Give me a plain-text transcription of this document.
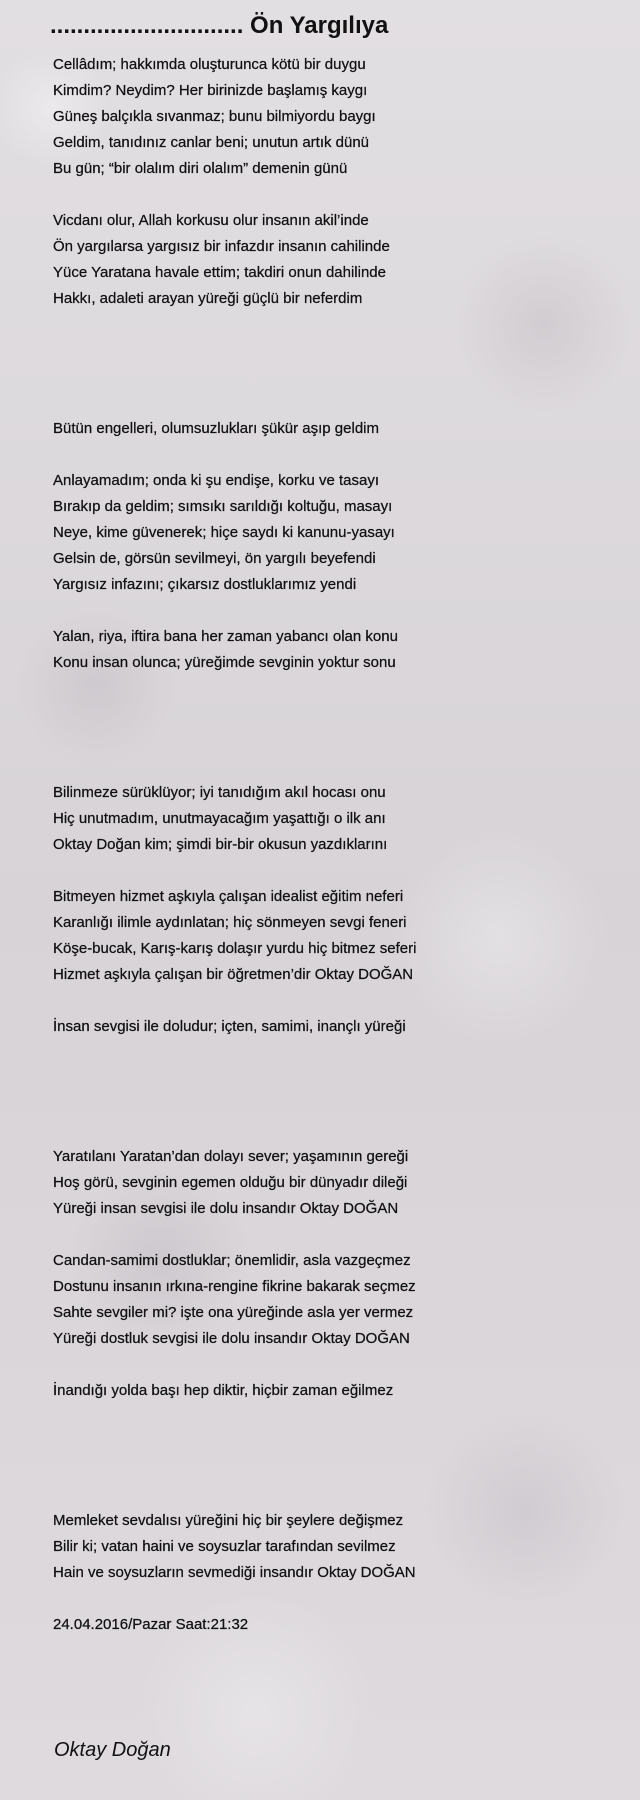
............................. Ön Yargılıya
Cellâdım; hakkımda oluşturunca kötü bir duygu
Kimdim? Neydim? Her birinizde başlamış kaygı
Güneş balçıkla sıvanmaz; bunu bilmiyordu baygı
Geldim, tanıdınız canlar beni; unutun artık dünü
Bu gün; “bir olalım diri olalım” demenin günü
Vicdanı olur, Allah korkusu olur insanın akil’inde
Ön yargılarsa yargısız bir infazdır insanın cahilinde
Yüce Yaratana havale ettim; takdiri onun dahilinde
Hakkı, adaleti arayan yüreği güçlü bir neferdim
Bütün engelleri, olumsuzlukları şükür aşıp geldim
Anlayamadım; onda ki şu endişe, korku ve tasayı
Bırakıp da geldim; sımsıkı sarıldığı koltuğu, masayı
Neye, kime güvenerek; hiçe saydı ki kanunu-yasayı
Gelsin de, görsün sevilmeyi, ön yargılı beyefendi
Yargısız infazını; çıkarsız dostluklarımız yendi
Yalan, riya, iftira bana her zaman yabancı olan konu
Konu insan olunca; yüreğimde sevginin yoktur sonu
Bilinmeze sürüklüyor; iyi tanıdığım akıl hocası onu
Hiç unutmadım, unutmayacağım yaşattığı o ilk anı
Oktay Doğan kim; şimdi bir-bir okusun yazdıklarını
Bitmeyen hizmet aşkıyla çalışan idealist eğitim neferi
Karanlığı ilimle aydınlatan; hiç sönmeyen sevgi feneri
Köşe-bucak, Karış-karış dolaşır yurdu hiç bitmez seferi
Hizmet aşkıyla çalışan bir öğretmen’dir Oktay DOĞAN
İnsan sevgisi ile doludur; içten, samimi, inançlı yüreği
Yaratılanı Yaratan’dan dolayı sever; yaşamının gereği
Hoş görü, sevginin egemen olduğu bir dünyadır dileği
Yüreği insan sevgisi ile dolu insandır Oktay DOĞAN
Candan-samimi dostluklar; önemlidir, asla vazgeçmez
Dostunu insanın ırkına-rengine fikrine bakarak seçmez
Sahte sevgiler mi? işte ona yüreğinde asla yer vermez
Yüreği dostluk sevgisi ile dolu insandır Oktay DOĞAN
İnandığı yolda başı hep diktir, hiçbir zaman eğilmez
Memleket sevdalısı yüreğini hiç bir şeylere değişmez
Bilir ki; vatan haini ve soysuzlar tarafından sevilmez
Hain ve soysuzların sevmediği insandır Oktay DOĞAN
24.04.2016/Pazar Saat:21:32
Oktay Doğan
